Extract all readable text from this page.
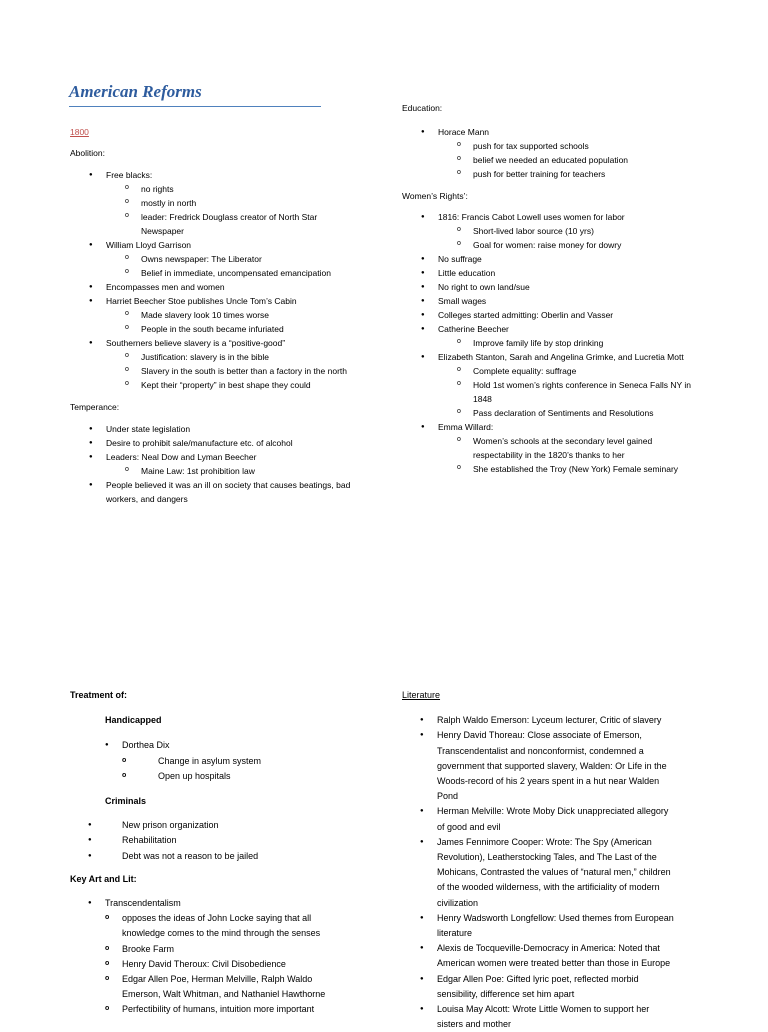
American Reforms
1800
Abolition:
● Free blacks:
o no rights
o mostly in north
o leader: Fredrick Douglass creator of North Star
Newspaper
● William Lloyd Garrison
o Owns newspaper: The Liberator
o Belief in immediate, uncompensated emancipation
● Encompasses men and women
● Harriet Beecher Stoe publishes Uncle Tom’s Cabin
o Made slavery look 10 times worse
o People in the south became infuriated
● Southerners believe slavery is a “positive-good”
o Justification: slavery is in the bible
o Slavery in the south is better than a factory in the north
o Kept their “property” in best shape they could
Temperance:
● Under state legislation
● Desire to prohibit sale/manufacture etc. of alcohol
● Leaders: Neal Dow and Lyman Beecher
o Maine Law: 1st prohibition law
● People believed it was an ill on society that causes beatings, bad
workers, and dangers
Education:
● Horace Mann
o push for tax supported schools
o belief we needed an educated population
o push for better training for teachers
Women’s Rights’:
● 1816: Francis Cabot Lowell uses women for labor
o Short-lived labor source (10 yrs)
o Goal for women: raise money for dowry
● No suffrage
● Little education
● No right to own land/sue
● Small wages
● Colleges started admitting: Oberlin and Vasser
● Catherine Beecher
o Improve family life by stop drinking
● Elizabeth Stanton, Sarah and Angelina Grimke, and Lucretia Mott
o Complete equality: suffrage
o Hold 1st women’s rights conference in Seneca Falls NY in
1848
o Pass declaration of Sentiments and Resolutions
● Emma Willard:
o Women’s schools at the secondary level gained
respectability in the 1820’s thanks to her
o She established the Troy (New York) Female seminary
Treatment of:
Handicapped
● Dorthea Dix
o Change in asylum system
o Open up hospitals
Criminals
● New prison organization
● Rehabilitation
● Debt was not a reason to be jailed
Key Art and Lit:
● Transcendentalism
o opposes the ideas of John Locke saying that all
knowledge comes to the mind through the senses
o Brooke Farm
o Henry David Theroux: Civil Disobedience
o Edgar Allen Poe, Herman Melville, Ralph Waldo
Emerson, Walt Whitman, and Nathaniel Hawthorne
o Perfectibility of humans, intuition more important
Literature
● Ralph Waldo Emerson: Lyceum lecturer, Critic of slavery
● Henry David Thoreau: Close associate of Emerson,
Transcendentalist and nonconformist, condemned a
government that supported slavery, Walden: Or Life in the
Woods-record of his 2 years spent in a hut near Walden
Pond
● Herman Melville: Wrote Moby Dick unappreciated allegory
of good and evil
● James Fennimore Cooper: Wrote: The Spy (American
Revolution), Leatherstocking Tales, and The Last of the
Mohicans, Contrasted the values of “natural men,” children
of the wooded wilderness, with the artificiality of modern
civilization
● Henry Wadsworth Longfellow: Used themes from European
literature
● Alexis de Tocqueville-Democracy in America: Noted that
American women were treated better than those in Europe
● Edgar Allen Poe: Gifted lyric poet, reflected morbid
sensibility, difference set him apart
● Louisa May Alcott: Wrote Little Women to support her
sisters and mother
